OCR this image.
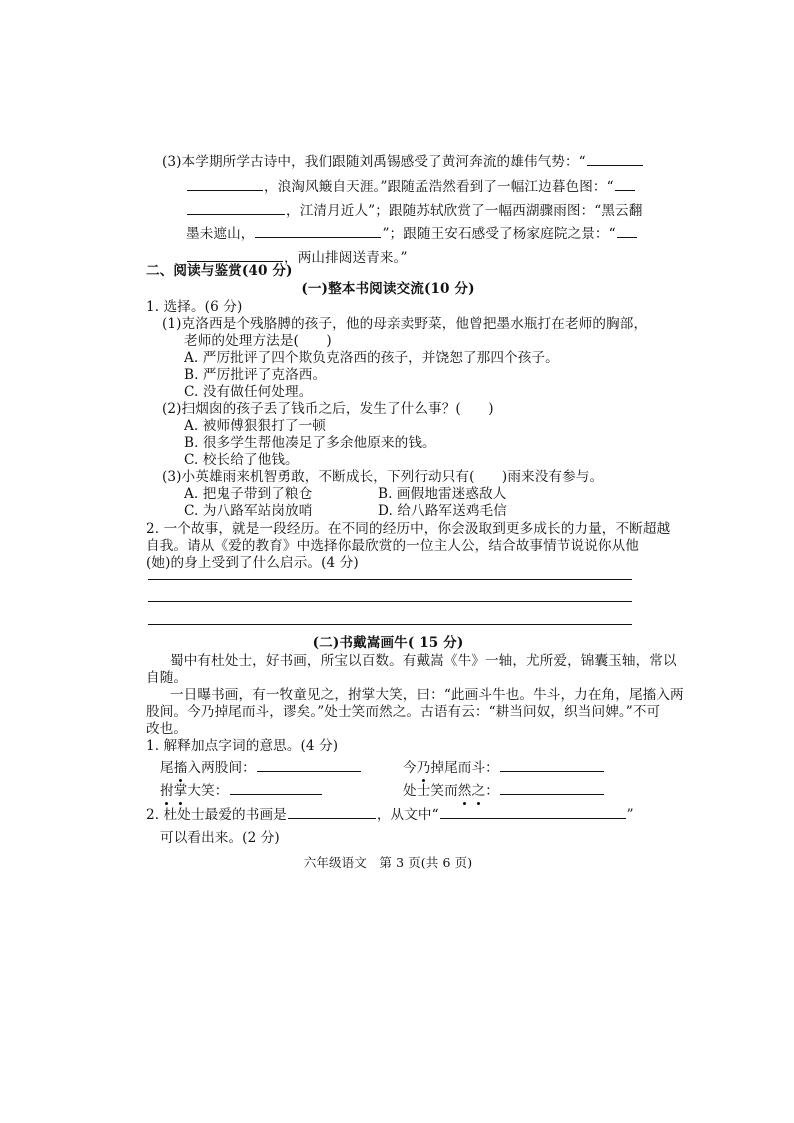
(3)本学期所学古诗中，我们跟随刘禹锡感受了黄河奔流的雄伟气势：“
，浪淘风簸自天涯。”跟随孟浩然看到了一幅江边暮色图：“
，江清月近人”；跟随苏轼欣赏了一幅西湖骤雨图：“黑云翻
墨未遮山，	”；跟随王安石感受了杨家庭院之景：“
，两山排闼送青来。”
二、阅读与鉴赏(40 分)
(一)整本书阅读交流(10 分)
1. 选择。(6 分)
(1)克洛西是个残胳膊的孩子，他的母亲卖野菜，他曾把墨水瓶打在老师的胸部，
老师的处理方法是(　　)
A. 严厉批评了四个欺负克洛西的孩子，并饶恕了那四个孩子。
B. 严厉批评了克洛西。
C. 没有做任何处理。
(2)扫烟囱的孩子丢了钱币之后，发生了什么事？(　　)
A. 被师傅狠狠打了一顿
B. 很多学生帮他凑足了多余他原来的钱。
C. 校长给了他钱。
(3)小英雄雨来机智勇敢，不断成长，下列行动只有(　　)雨来没有参与。
A. 把鬼子带到了粮仓	B. 画假地雷迷惑敌人
C. 为八路军站岗放哨	D. 给八路军送鸡毛信
2. 一个故事，就是一段经历。在不同的经历中，你会汲取到更多成长的力量，不断超越
自我。请从《爱的教育》中选择你最欣赏的一位主人公，结合故事情节说说你从他
(她)的身上受到了什么启示。(4 分)
(二)书戴嵩画牛( 15 分)
蜀中有杜处士，好书画，所宝以百数。有戴嵩《牛》一轴，尤所爱，锦囊玉轴，常以
自随。
一日曝书画，有一牧童见之，拊掌大笑，曰：“此画斗牛也。牛斗，力在角，尾搐入两
股间。今乃掉尾而斗，谬矣。”处士笑而然之。古语有云：“耕当问奴，织当问婢。”不可
改也。
1. 解释加点字词的意思。(4 分)
尾搐入两股间：	今乃掉尾而斗：
拊掌大笑：	处士笑而然之：
2. 杜处士最爱的书画是	，从文中“	”
可以看出来。(2 分)
六年级语文　第 3 页(共 6 页)
